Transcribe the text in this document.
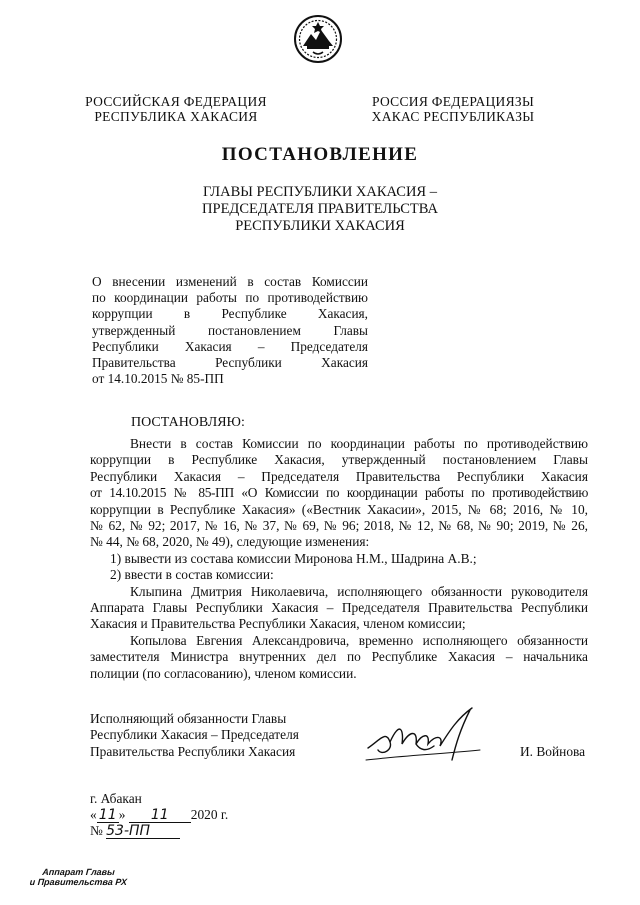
РОССИЙСКАЯ ФЕДЕРАЦИЯ
РЕСПУБЛИКА ХАКАСИЯ
РОССИЯ ФЕДЕРАЦИЯЗЫ
ХАКАС РЕСПУБЛИКАЗЫ
ПОСТАНОВЛЕНИЕ
ГЛАВЫ РЕСПУБЛИКИ ХАКАСИЯ –
ПРЕДСЕДАТЕЛЯ ПРАВИТЕЛЬСТВА
РЕСПУБЛИКИ ХАКАСИЯ
О внесении изменений в состав Комиссии
по координации работы по противодействию
коррупции в Республике Хакасия,
утвержденный постановлением Главы
Республики Хакасия – Председателя
Правительства Республики Хакасия
от 14.10.2015 № 85-ПП
ПОСТАНОВЛЯЮ:
Внести в состав Комиссии по координации работы по противодействию
коррупции в Республике Хакасия, утвержденный постановлением Главы
Республики Хакасия – Председателя Правительства Республики Хакасия
от 14.10.2015 № 85-ПП «О Комиссии по координации работы по противодействию
коррупции в Республике Хакасия» («Вестник Хакасии», 2015, № 68; 2016, № 10,
№ 62, № 92; 2017, № 16, № 37, № 69, № 96; 2018, № 12, № 68, № 90; 2019, № 26,
№ 44, № 68, 2020, № 49), следующие изменения:
1) вывести из состава комиссии Миронова Н.М., Шадрина А.В.;
2) ввести в состав комиссии:
Клыпина Дмитрия Николаевича, исполняющего обязанности руководителя
Аппарата Главы Республики Хакасия – Председателя Правительства Республики
Хакасия и Правительства Республики Хакасия, членом комиссии;
Копылова Евгения Александровича, временно исполняющего обязанности
заместителя Министра внутренних дел по Республике Хакасия – начальника
полиции (по согласованию), членом комиссии.
Исполняющий обязанности Главы
Республики Хакасия – Председателя
Правительства Республики Хакасия	И. Войнова
г. Абакан
« 11 » 11 2020 г.
№ 53-ПП
Аппарат Главы
и Правительства РХ
